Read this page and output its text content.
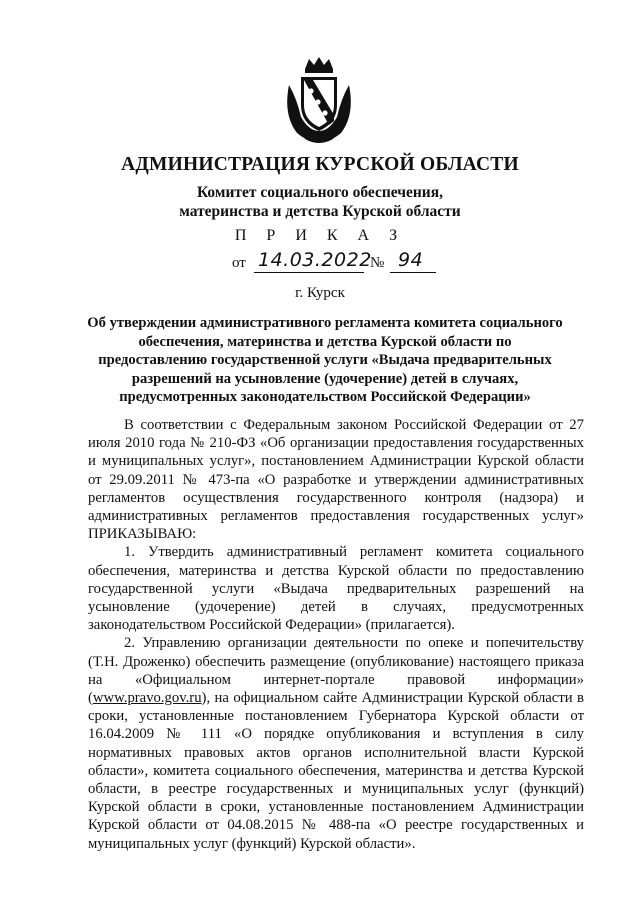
АДМИНИСТРАЦИЯ КУРСКОЙ ОБЛАСТИ
Комитет социального обеспечения,
материнства и детства Курской области
П Р И К А З
от 14.03.2022
№ 94
г. Курск
Об утверждении административного регламента комитета социального обеспечения, материнства и детства Курской области по предоставлению государственной услуги «Выдача предварительных разрешений на усыновление (удочерение) детей в случаях, предусмотренных законодательством Российской Федерации»

В соответствии с Федеральным законом Российской Федерации от 27 июля 2010 года № 210-ФЗ «Об организации предоставления государственных и муниципальных услуг», постановлением Администрации Курской области от 29.09.2011 № 473-па «О разработке и утверждении административных регламентов осуществления государственного контроля (надзора) и административных регламентов предоставления государственных услуг» ПРИКАЗЫВАЮ:

1. Утвердить административный регламент комитета социального обеспечения, материнства и детства Курской области по предоставлению государственной услуги «Выдача предварительных разрешений на усыновление (удочерение) детей в случаях, предусмотренных законодательством Российской Федерации» (прилагается).

2. Управлению организации деятельности по опеке и попечительству (Т.Н. Дроженко) обеспечить размещение (опубликование) настоящего приказа на «Официальном интернет-портале правовой информации» (www.pravo.gov.ru), на официальном сайте Администрации Курской области в сроки, установленные постановлением Губернатора Курской области от 16.04.2009 № 111 «О порядке опубликования и вступления в силу нормативных правовых актов органов исполнительной власти Курской области», комитета социального обеспечения, материнства и детства Курской области, в реестре государственных и муниципальных услуг (функций) Курской области в сроки, установленные постановлением Администрации Курской области от 04.08.2015 № 488-па «О реестре государственных и муниципальных услуг (функций) Курской области».
